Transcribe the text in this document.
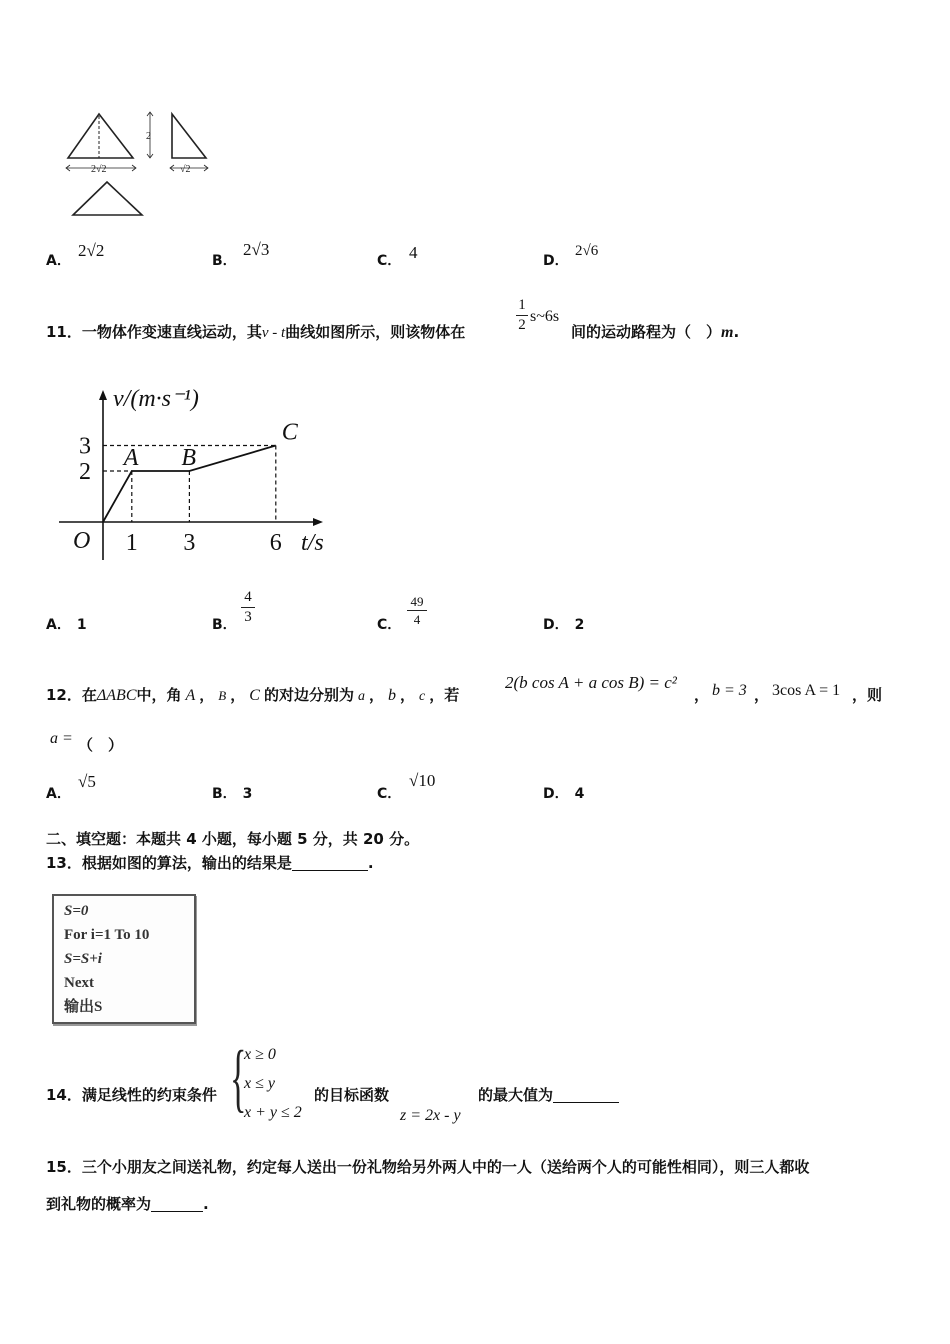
2√2
2
√2
A．
2√2
B．
2√3
C． 4	D．
2√6
11．一物体作变速直线运动，其v - t曲线如图所示，则该物体在
1
2 s~6s
间的运动路程为（　）m.
A B
C
1 3	6
2
3
O	t/s
v/(m·s⁻¹)
A． 1	B．
4
3	C．
49
4	D． 2
12．在ΔABC中，角 A ， B ， C 的对边分别为 a ， b ， c ，若
2(b cos A + a cos B) = c²
， b = 3 ， 3cos A = 1 ，则
a = （　）
A．
√5
B． 3	C．
√10
D． 4
二、填空题：本题共 4 小题，每小题 5 分，共 20 分。
13．根据如图的算法，输出的结果是	.
S=0
For i=1 To 10
S=S+i
Next
输出S
14．满足线性的约束条件 {
x ≥ 0
x ≤ y
x + y ≤ 2
的目标函数
z = 2x - y
的最大值为
15．三个小朋友之间送礼物，约定每人送出一份礼物给另外两人中的一人（送给两个人的可能性相同），则三人都收
到礼物的概率为	.
